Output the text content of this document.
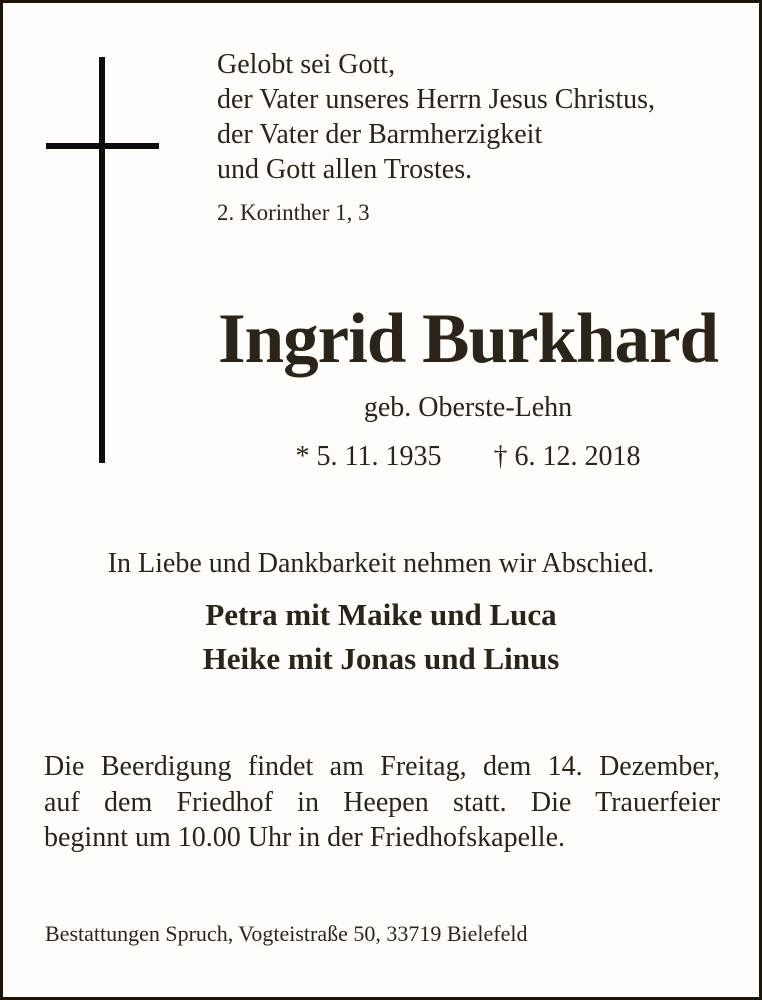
Gelobt sei Gott,
der Vater unseres Herrn Jesus Christus,
der Vater der Barmherzigkeit
und Gott allen Trostes.
2. Korinther 1, 3
Ingrid Burkhard
geb. Oberste-Lehn
* 5. 11. 1935 † 6. 12. 2018
In Liebe und Dankbarkeit nehmen wir Abschied.
Petra mit Maike und Luca
Heike mit Jonas und Linus
Die Beerdigung findet am Freitag, dem 14. Dezember,
auf dem Friedhof in Heepen statt. Die Trauerfeier
beginnt um 10.00 Uhr in der Friedhofskapelle.
Bestattungen Spruch, Vogteistraße 50, 33719 Bielefeld
